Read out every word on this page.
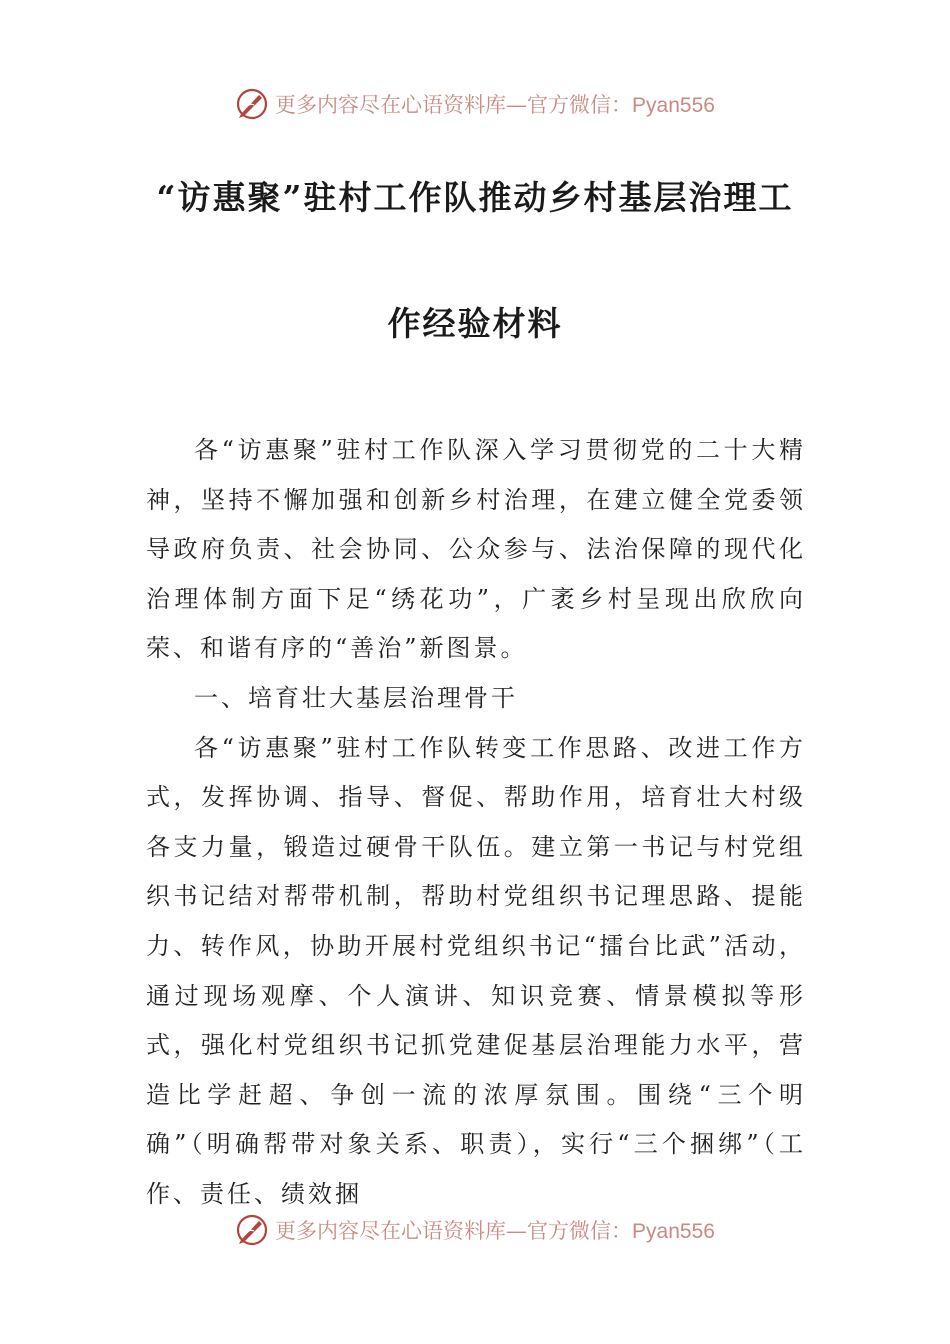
更多内容尽在心语资料库—官方微信：Pyan556
“访惠聚”驻村工作队推动乡村基层治理工
作经验材料

各“访惠聚”驻村工作队深入学习贯彻党的二十大精神，坚持不懈加强和创新乡村治理，在建立健全党委领导政府负责、社会协同、公众参与、法治保障的现代化治理体制方面下足“绣花功”，广袤乡村呈现出欣欣向荣、和谐有序的“善治”新图景。

一、培育壮大基层治理骨干

各“访惠聚”驻村工作队转变工作思路、改进工作方式，发挥协调、指导、督促、帮助作用，培育壮大村级各支力量，锻造过硬骨干队伍。建立第一书记与村党组织书记结对帮带机制，帮助村党组织书记理思路、提能力、转作风，协助开展村党组织书记“擂台比武”活动，通过现场观摩、个人演讲、知识竞赛、情景模拟等形式，强化村党组织书记抓党建促基层治理能力水平，营造比学赶超、争创一流的浓厚氛围。围绕“三个明确”（明确帮带对象关系、职责），实行“三个捆绑”（工作、责任、绩效捆

更多内容尽在心语资料库—官方微信：Pyan556
